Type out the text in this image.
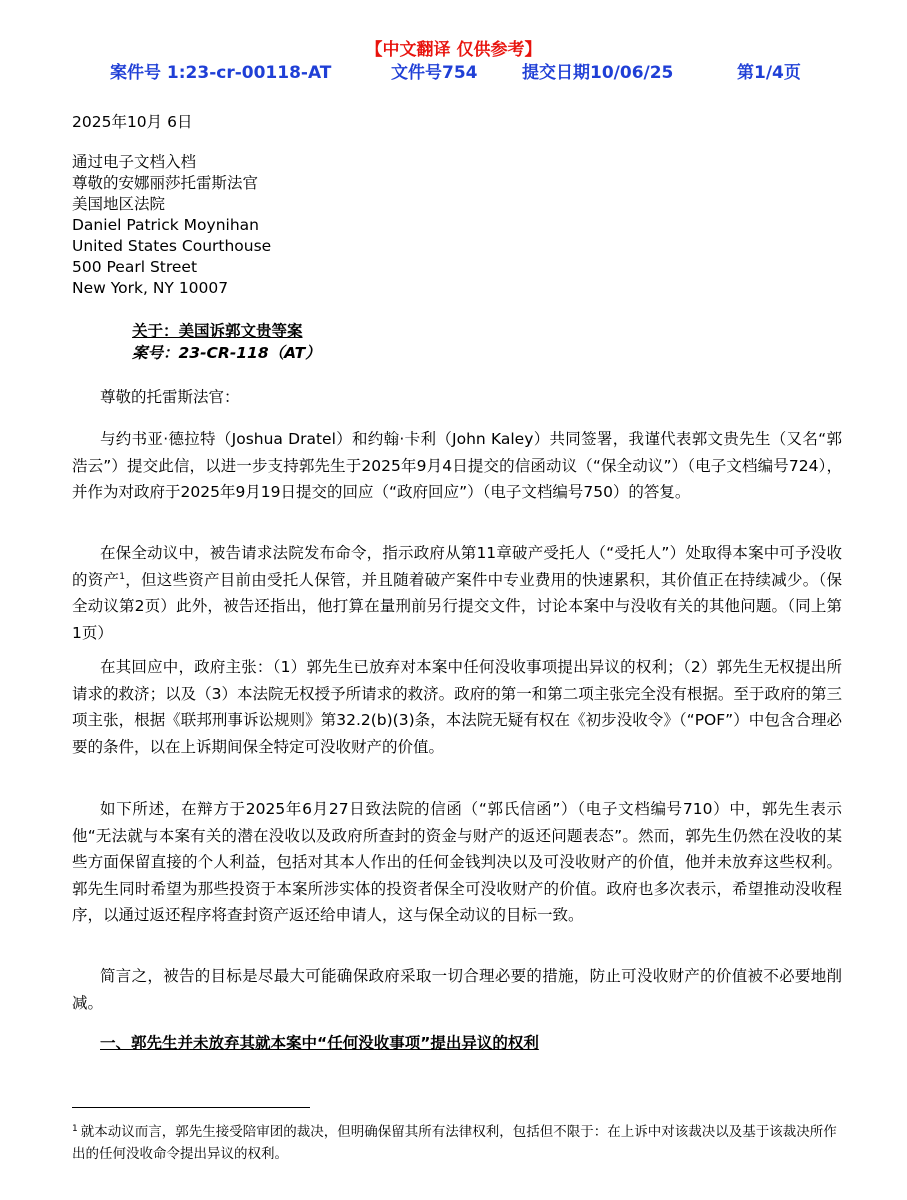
【中文翻译 仅供参考】
案件号 1:23-cr-00118-AT	文件号754	提交日期10/06/25	第1/4页
2025年10月 6日
通过电子文档入档
尊敬的安娜丽莎托雷斯法官
美国地区法院
Daniel Patrick Moynihan
United States Courthouse
500 Pearl Street
New York, NY 10007
关于：美国诉郭文贵等案
案号：23-CR-118（AT）
尊敬的托雷斯法官：
与约书亚·德拉特（Joshua Dratel）和约翰·卡利（John Kaley）共同签署，我谨代表郭文贵先生（又名“郭浩云”）提交此信，以进一步支持郭先生于2025年9月4日提交的信函动议（“保全动议”）（电子文档编号724），并作为对政府于2025年9月19日提交的回应（“政府回应”）（电子文档编号750）的答复。
在保全动议中，被告请求法院发布命令，指示政府从第11章破产受托人（“受托人”）处取得本案中可予没收的资产$^1$，但这些资产目前由受托人保管，并且随着破产案件中专业费用的快速累积，其价值正在持续减少。（保全动议第2页）此外，被告还指出，他打算在量刑前另行提交文件，讨论本案中与没收有关的其他问题。（同上第1页）
在其回应中，政府主张：（1）郭先生已放弃对本案中任何没收事项提出异议的权利；（2）郭先生无权提出所请求的救济；以及（3）本法院无权授予所请求的救济。政府的第一和第二项主张完全没有根据。至于政府的第三项主张，根据《联邦刑事诉讼规则》第32.2(b)(3)条，本法院无疑有权在《初步没收令》（“POF”）中包含合理必要的条件，以在上诉期间保全特定可没收财产的价值。
如下所述，在辩方于2025年6月27日致法院的信函（“郭氏信函”）（电子文档编号710）中，郭先生表示他“无法就与本案有关的潜在没收以及政府所查封的资金与财产的返还问题表态”。然而，郭先生仍然在没收的某些方面保留直接的个人利益，包括对其本人作出的任何金钱判决以及可没收财产的价值，他并未放弃这些权利。郭先生同时希望为那些投资于本案所涉实体的投资者保全可没收财产的价值。政府也多次表示，希望推动没收程序，以通过返还程序将查封资产返还给申请人，这与保全动议的目标一致。
简言之，被告的目标是尽最大可能确保政府采取一切合理必要的措施，防止可没收财产的价值被不必要地削减。
一、郭先生并未放弃其就本案中“任何没收事项”提出异议的权利
$^1$ 就本动议而言，郭先生接受陪审团的裁决，但明确保留其所有法律权利，包括但不限于：在上诉中对该裁决以及基于该裁决所作出的任何没收命令提出异议的权利。
